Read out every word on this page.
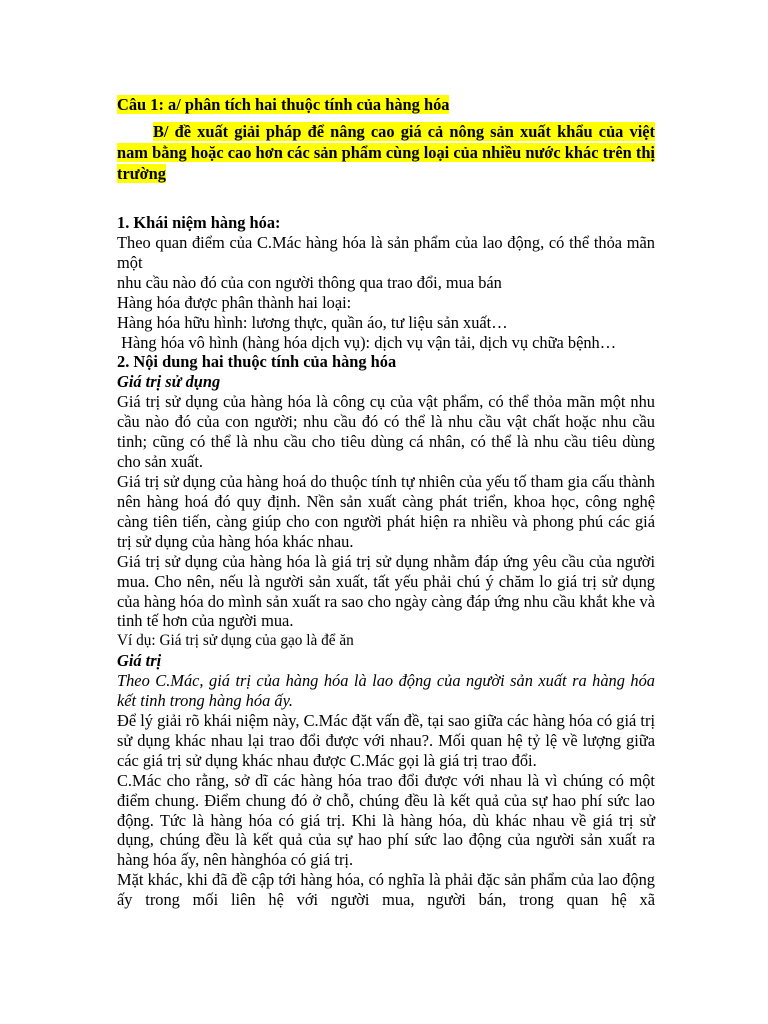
Câu 1: a/ phân tích hai thuộc tính của hàng hóa

B/ đề xuất giải pháp để nâng cao giá cả nông sản xuất khẩu của việt nam bằng hoặc cao hơn các sản phẩm cùng loại của nhiều nước khác trên thị trường

1. Khái niệm hàng hóa:

Theo quan điểm của C.Mác hàng hóa là sản phẩm của lao động, có thể thỏa mãn một

nhu cầu nào đó của con người thông qua trao đổi, mua bán

Hàng hóa được phân thành hai loại:

Hàng hóa hữu hình: lương thực, quần áo, tư liệu sản xuất…

Hàng hóa vô hình (hàng hóa dịch vụ): dịch vụ vận tải, dịch vụ chữa bệnh…

2. Nội dung hai thuộc tính của hàng hóa

Giá trị sử dụng

Giá trị sử dụng của hàng hóa là công cụ của vật phẩm, có thể thỏa mãn một nhu cầu nào đó của con người; nhu cầu đó có thể là nhu cầu vật chất hoặc nhu cầu tinh; cũng có thể là nhu cầu cho tiêu dùng cá nhân, có thể là nhu cầu tiêu dùng cho sản xuất.

Giá trị sử dụng của hàng hoá do thuộc tính tự nhiên của yếu tố tham gia cấu thành nên hàng hoá đó quy định. Nền sản xuất càng phát triển, khoa học, công nghệ càng tiên tiến, càng giúp cho con người phát hiện ra nhiều và phong phú các giá trị sử dụng của hàng hóa khác nhau.

Giá trị sử dụng của hàng hóa là giá trị sử dụng nhằm đáp ứng yêu cầu của người mua. Cho nên, nếu là người sản xuất, tất yếu phải chú ý chăm lo giá trị sử dụng của hàng hóa do mình sản xuất ra sao cho ngày càng đáp ứng nhu cầu khắt khe và tinh tế hơn của người mua.

Ví dụ: Giá trị sử dụng của gạo là để ăn

Giá trị

Theo C.Mác, giá trị của hàng hóa là lao động của người sản xuất ra hàng hóa kết tinh trong hàng hóa ấy.

Để lý giải rõ khái niệm này, C.Mác đặt vấn đề, tại sao giữa các hàng hóa có giá trị sử dụng khác nhau lại trao đổi được với nhau?. Mối quan hệ tỷ lệ về lượng giữa các giá trị sử dụng khác nhau được C.Mác gọi là giá trị trao đổi.

C.Mác cho rằng, sở dĩ các hàng hóa trao đổi được với nhau là vì chúng có một điểm chung. Điểm chung đó ở chỗ, chúng đều là kết quả của sự hao phí sức lao động. Tức là hàng hóa có giá trị. Khi là hàng hóa, dù khác nhau về giá trị sử dụng, chúng đều là kết quả của sự hao phí sức lao động của người sản xuất ra hàng hóa ấy, nên hànghóa có giá trị.

Mặt khác, khi đã đề cập tới hàng hóa, có nghĩa là phải đặc sản phẩm của lao động ấy trong mối liên hệ với người mua, người bán, trong quan hệ xã
